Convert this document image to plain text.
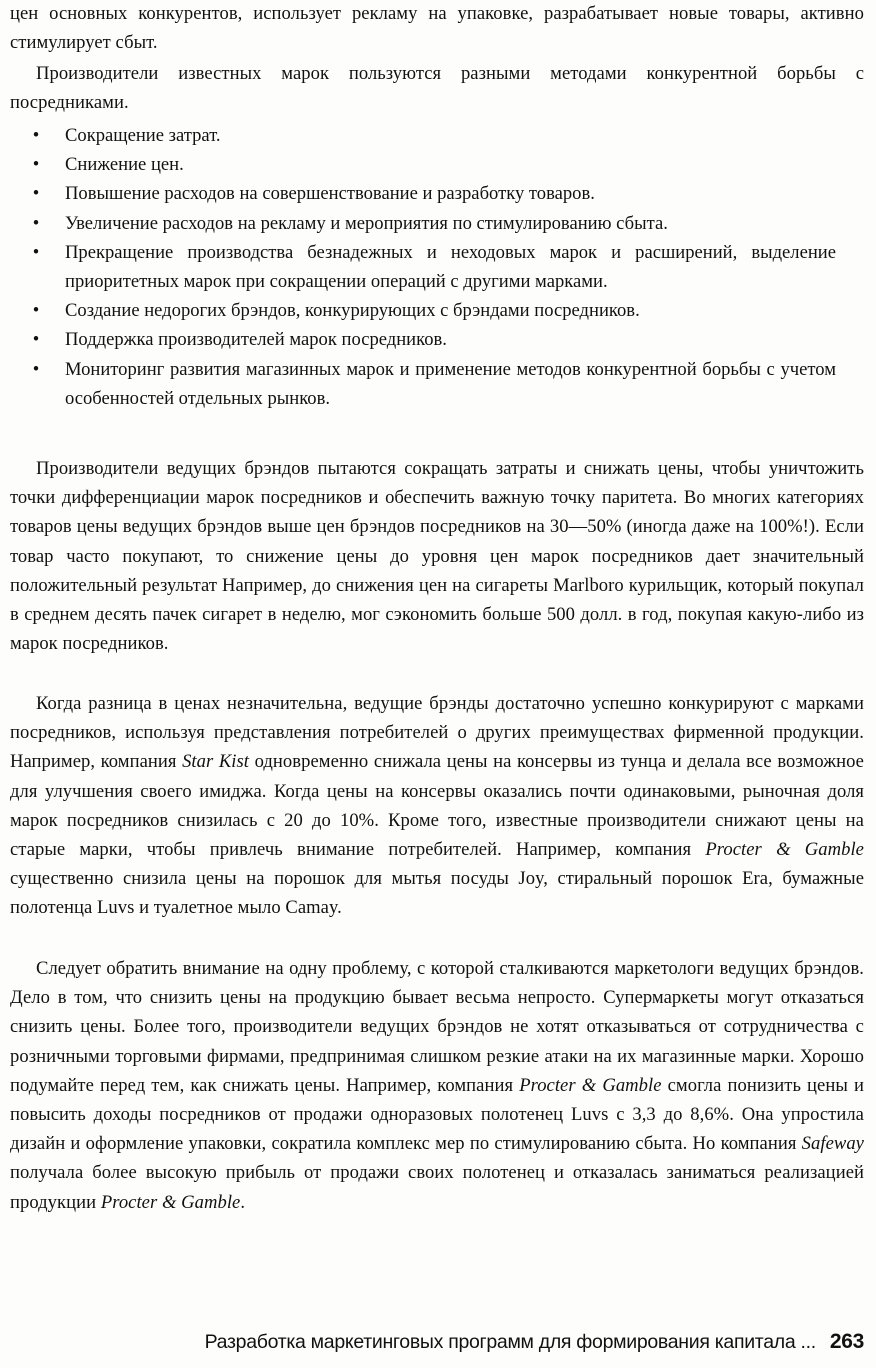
цен основных конкурентов, использует рекламу на упаковке, разрабатывает новые товары, активно стимулирует сбыт.

Производители известных марок пользуются разными методами конкурентной борьбы с посредниками.

• Сокращение затрат.
• Снижение цен.
• Повышение расходов на совершенствование и разработку товаров.
• Увеличение расходов на рекламу и мероприятия по стимулированию сбыта.
• Прекращение производства безнадежных и неходовых марок и расширений, выделение приоритетных марок при сокращении операций с другими марками.
• Создание недорогих брэндов, конкурирующих с брэндами посредников.
• Поддержка производителей марок посредников.
• Мониторинг развития магазинных марок и применение методов конкурентной борьбы с учетом особенностей отдельных рынков.

Производители ведущих брэндов пытаются сокращать затраты и снижать цены, чтобы уничтожить точки дифференциации марок посредников и обеспечить важную точку паритета. Во многих категориях товаров цены ведущих брэндов выше цен брэндов посредников на 30—50% (иногда даже на 100%!). Если товар часто покупают, то снижение цены до уровня цен марок посредников дает значительный положительный результат Например, до снижения цен на сигареты Marlboro курильщик, который покупал в среднем десять пачек сигарет в неделю, мог сэкономить больше 500 долл. в год, покупая какую-либо из марок посредников.

Когда разница в ценах незначительна, ведущие брэнды достаточно успешно конкурируют с марками посредников, используя представления потребителей о других преимуществах фирменной продукции. Например, компания Star Kist одновременно снижала цены на консервы из тунца и делала все возможное для улучшения своего имиджа. Когда цены на консервы оказались почти одинаковыми, рыночная доля марок посредников снизилась с 20 до 10%. Кроме того, известные производители снижают цены на старые марки, чтобы привлечь внимание потребителей. Например, компания Procter & Gamble существенно снизила цены на порошок для мытья посуды Joy, стиральный порошок Era, бумажные полотенца Luvs и туалетное мыло Camay.

Следует обратить внимание на одну проблему, с которой сталкиваются маркетологи ведущих брэндов. Дело в том, что снизить цены на продукцию бывает весьма непросто. Супермаркеты могут отказаться снизить цены. Более того, производители ведущих брэндов не хотят отказываться от сотрудничества с розничными торговыми фирмами, предпринимая слишком резкие атаки на их магазинные марки. Хорошо подумайте перед тем, как снижать цены. Например, компания Procter & Gamble смогла понизить цены и повысить доходы посредников от продажи одноразовых полотенец Luvs с 3,3 до 8,6%. Она упростила дизайн и оформление упаковки, сократила комплекс мер по стимулированию сбыта. Но компания Safeway получала более высокую прибыль от продажи своих полотенец и отказалась заниматься реализацией продукции Procter & Gamble.

Разработка маркетинговых программ для формирования капитала ... 263
